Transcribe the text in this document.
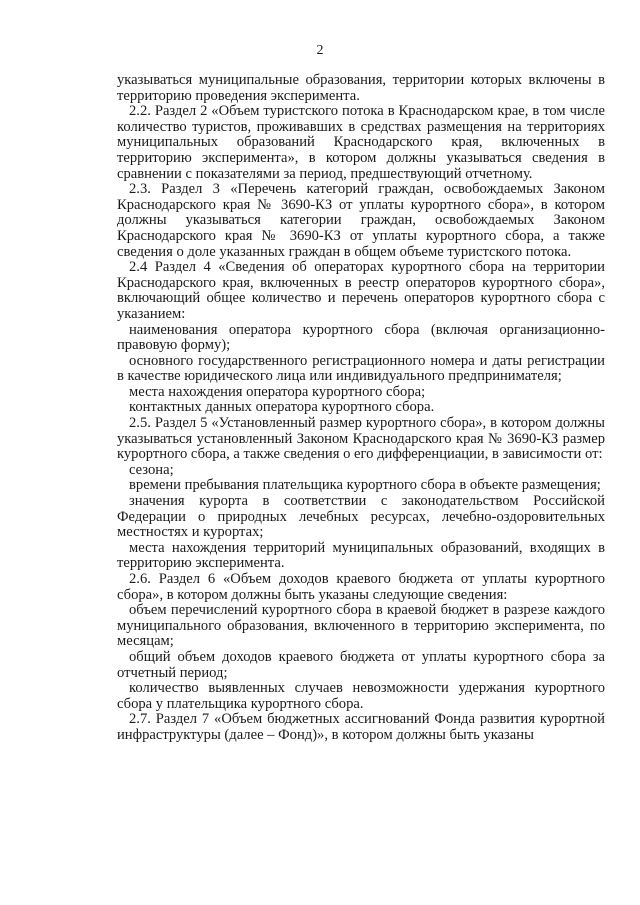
2

указываться муниципальные образования, территории которых включены в территорию проведения эксперимента.

2.2. Раздел 2 «Объем туристского потока в Краснодарском крае, в том числе количество туристов, проживавших в средствах размещения на территориях муниципальных образований Краснодарского края, включенных в территорию эксперимента», в котором должны указываться сведения в сравнении с показателями за период, предшествующий отчетному.

2.3. Раздел 3 «Перечень категорий граждан, освобождаемых Законом Краснодарского края № 3690-КЗ от уплаты курортного сбора», в котором должны указываться категории граждан, освобождаемых Законом Краснодарского края № 3690-КЗ от уплаты курортного сбора, а также сведения о доле указанных граждан в общем объеме туристского потока.

2.4 Раздел 4 «Сведения об операторах курортного сбора на территории Краснодарского края, включенных в реестр операторов курортного сбора», включающий общее количество и перечень операторов курортного сбора с указанием:

наименования оператора курортного сбора (включая организационно-правовую форму);

основного государственного регистрационного номера и даты регистрации в качестве юридического лица или индивидуального предпринимателя;

места нахождения оператора курортного сбора;

контактных данных оператора курортного сбора.

2.5. Раздел 5 «Установленный размер курортного сбора», в котором должны указываться установленный Законом Краснодарского края № 3690-КЗ размер курортного сбора, а также сведения о его дифференциации, в зависимости от:

сезона;

времени пребывания плательщика курортного сбора в объекте размещения;

значения курорта в соответствии с законодательством Российской Федерации о природных лечебных ресурсах, лечебно-оздоровительных местностях и курортах;

места нахождения территорий муниципальных образований, входящих в территорию эксперимента.

2.6. Раздел 6 «Объем доходов краевого бюджета от уплаты курортного сбора», в котором должны быть указаны следующие сведения:

объем перечислений курортного сбора в краевой бюджет в разрезе каждого муниципального образования, включенного в территорию эксперимента, по месяцам;

общий объем доходов краевого бюджета от уплаты курортного сбора за отчетный период;

количество выявленных случаев невозможности удержания курортного сбора у плательщика курортного сбора.

2.7. Раздел 7 «Объем бюджетных ассигнований Фонда развития курортной инфраструктуры (далее – Фонд)», в котором должны быть указаны
